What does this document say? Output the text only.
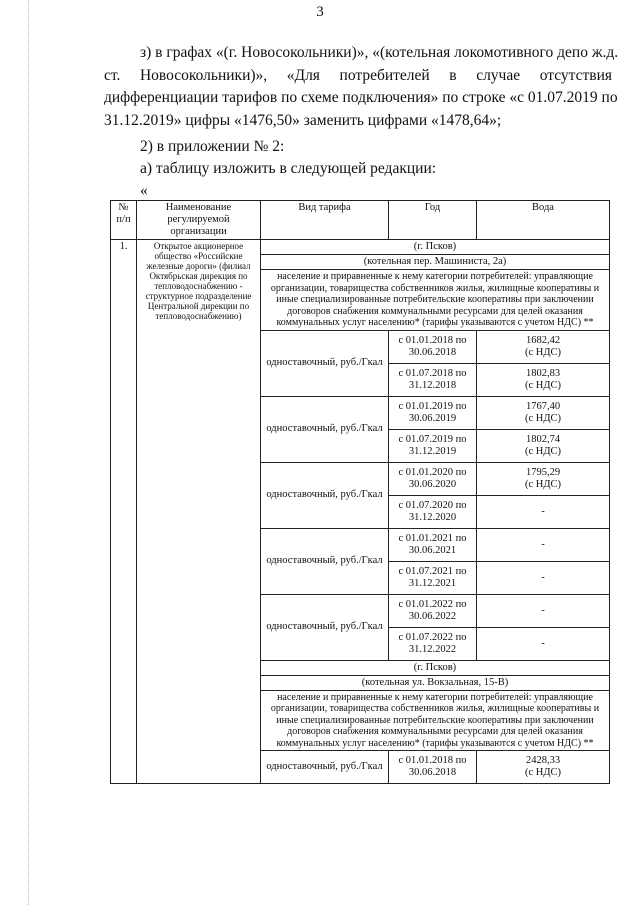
3
з) в графах «(г. Новосокольники)», «(котельная локомотивного депо ж.д.
ст. Новосокольники)», «Для потребителей в случае отсутствия
дифференциации тарифов по схеме подключения» по строке «с 01.07.2019 по
31.12.2019» цифры «1476,50» заменить цифрами «1478,64»;
2) в приложении № 2:
а) таблицу изложить в следующей редакции:
«
№ п/п	Наименование регулируемой организации	Вид тарифа	Год	Вода
1.	Открытое акционерное общество «Российские железные дороги» (филиал Октябрьская дирекция по тепловодоснабжению - структурное подразделение Центральной дирекции по тепловодоснабжению)	(г. Псков)		
		(котельная пер. Машиниста, 2а)		
		население и приравненные к нему категории потребителей: управляющие организации, товарищества собственников жилья, жилищные кооперативы и иные специализированные потребительские кооперативы при заключении договоров снабжения коммунальными ресурсами для целей оказания коммунальных услуг населению* (тарифы указываются с учетом НДС) **		
		одноставочный, руб./Гкал	с 01.01.2018 по 30.06.2018	1682,42
(с НДС)

			с 01.07.2018 по 31.12.2018	1802,83
(с НДС)

		одноставочный, руб./Гкал	с 01.01.2019 по 30.06.2019	1767,40
(с НДС)

			с 01.07.2019 по 31.12.2019	1802,74
(с НДС)

		одноставочный, руб./Гкал	с 01.01.2020 по 30.06.2020	1795,29
(с НДС)

			с 01.07.2020 по 31.12.2020	-

		одноставочный, руб./Гкал	с 01.01.2021 по 30.06.2021	-

			с 01.07.2021 по 31.12.2021	-

		одноставочный, руб./Гкал	с 01.01.2022 по 30.06.2022	-

			с 01.07.2022 по 31.12.2022	-

		(г. Псков)		
		(котельная ул. Вокзальная, 15-В)		
		население и приравненные к нему категории потребителей: управляющие организации, товарищества собственников жилья, жилищные кооперативы и иные специализированные потребительские кооперативы при заключении договоров снабжения коммунальными ресурсами для целей оказания коммунальных услуг населению* (тарифы указываются с учетом НДС) **		
		одноставочный, руб./Гкал	с 01.01.2018 по 30.06.2018	2428,33
(с НДС)
